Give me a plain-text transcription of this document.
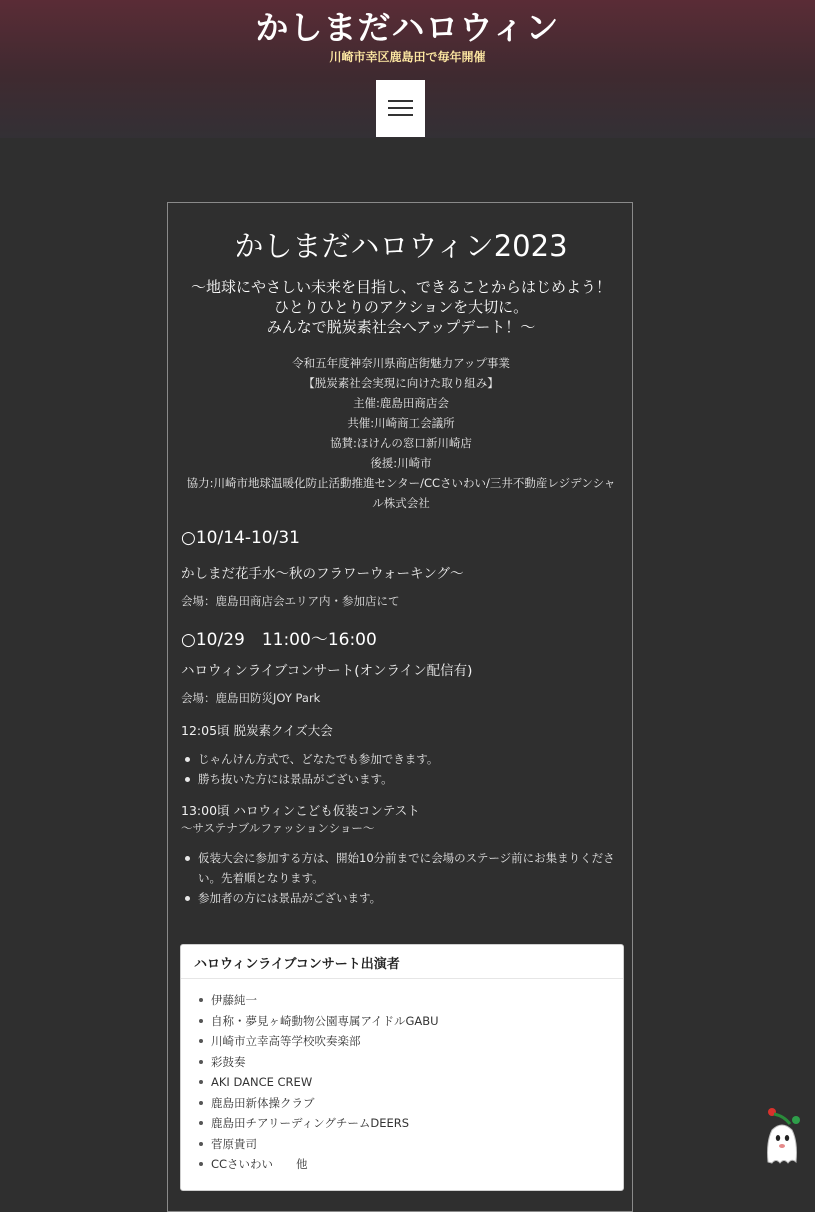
かしまだハロウィン
川崎市幸区鹿島田で毎年開催
かしまだハロウィン2023
～地球にやさしい未来を目指し、できることからはじめよう！
ひとりひとりのアクションを大切に。
みんなで脱炭素社会へアップデート！～
令和五年度神奈川県商店街魅力アップ事業
【脱炭素社会実現に向けた取り組み】
主催:鹿島田商店会
共催:川崎商工会議所
協賛:ほけんの窓口新川崎店
後援:川崎市
協力:川崎市地球温暖化防止活動推進センター/CCさいわい/三井不動産レジデンシャ
ル株式会社
○10/14-10/31
かしまだ花手水～秋のフラワーウォーキング～
会場：鹿島田商店会エリア内・参加店にて
○10/29　11:00～16:00
ハロウィンライブコンサート(オンライン配信有)
会場：鹿島田防災JOY Park
12:05頃 脱炭素クイズ大会
じゃんけん方式で、どなたでも参加できます。
勝ち抜いた方には景品がございます。
13:00頃 ハロウィンこども仮装コンテスト
～サステナブルファッションショー～
仮装大会に参加する方は、開始10分前までに会場のステージ前にお集まりくださ
い。先着順となります。
参加者の方には景品がございます。
ハロウィンライブコンサート出演者
伊藤純一
自称・夢見ヶ崎動物公園専属アイドルGABU
川崎市立幸高等学校吹奏楽部
彩鼓奏
AKI DANCE CREW
鹿島田新体操クラブ
鹿島田チアリーディングチームDEERS
菅原貴司
CCさいわい　　他
